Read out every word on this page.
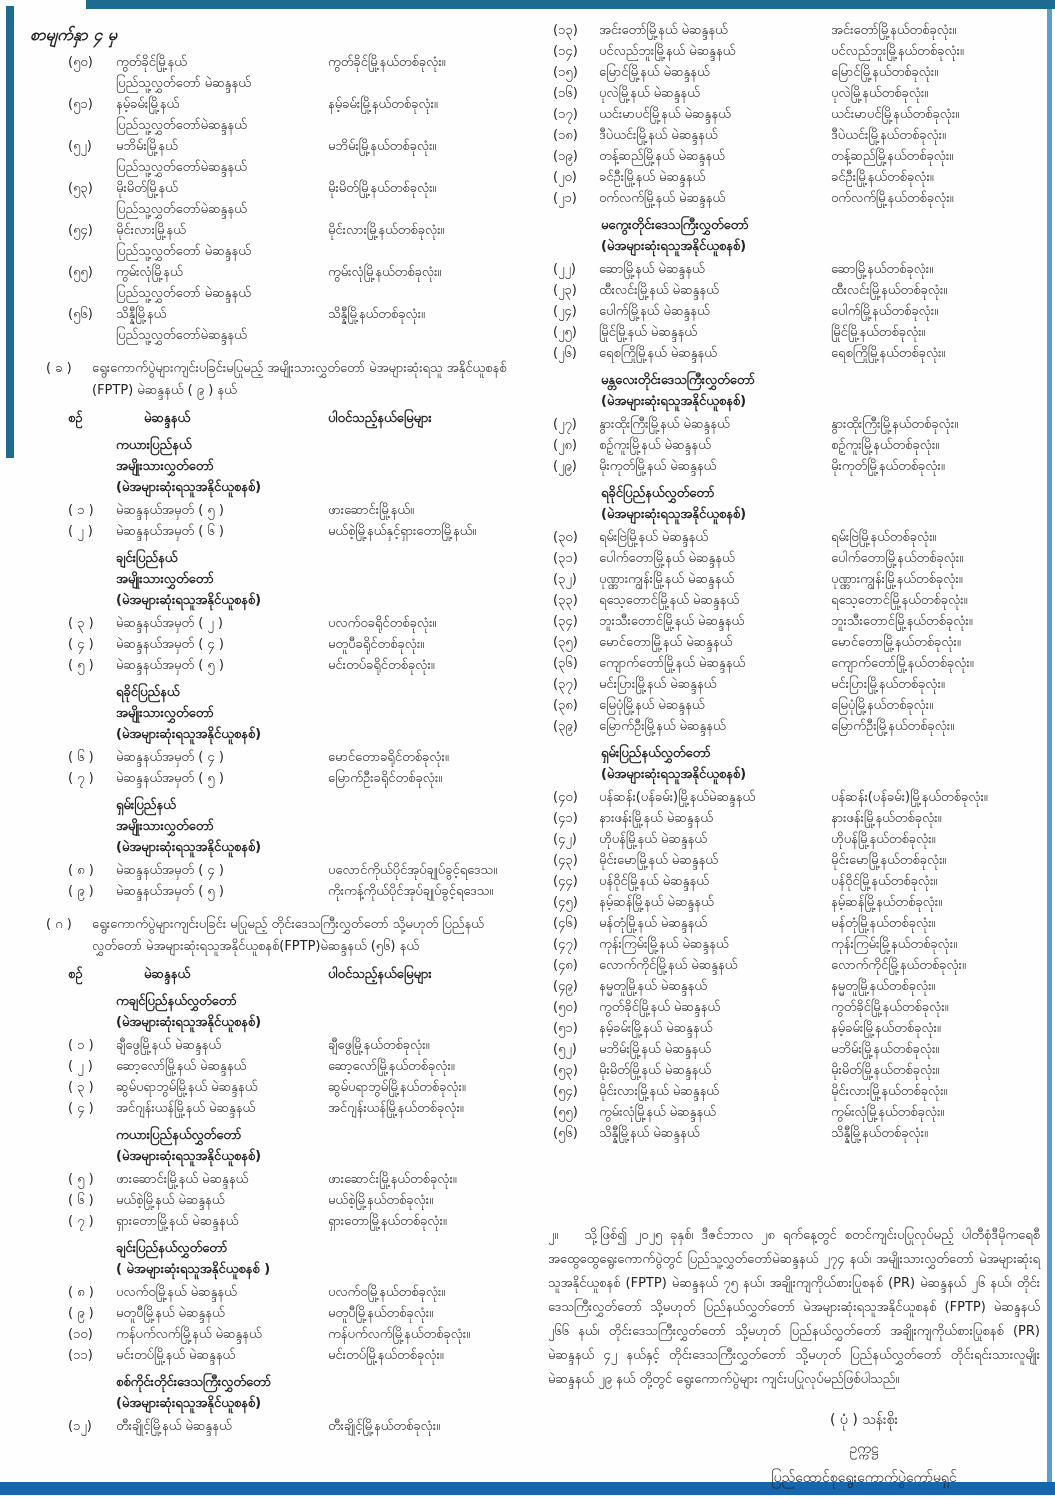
စာမျက်နှာ ၄ မှ
(၅၀)	ကွတ်ခိုင်မြို့နယ်	ကွတ်ခိုင်မြို့နယ်တစ်ခုလုံး။
ပြည်သူ့လွှတ်တော် မဲဆန္ဒနယ်
(၅၁)	နမ့်ခမ်းမြို့နယ်	နမ့်ခမ်းမြို့နယ်တစ်ခုလုံး။
ပြည်သူ့လွှတ်တော်မဲဆန္ဒနယ်
(၅၂)	မဘိမ်းမြို့နယ်	မဘိမ်းမြို့နယ်တစ်ခုလုံး။
ပြည်သူ့လွှတ်တော်မဲဆန္ဒနယ်
(၅၃)	မိုးမိတ်မြို့နယ်	မိုးမိတ်မြို့နယ်တစ်ခုလုံး။
ပြည်သူ့လွှတ်တော်မဲဆန္ဒနယ်
(၅၄)	မိုင်းလားမြို့နယ်	မိုင်းလားမြို့နယ်တစ်ခုလုံး။
ပြည်သူ့လွှတ်တော် မဲဆန္ဒနယ်
(၅၅)	ကွမ်းလုံမြို့နယ်	ကွမ်းလုံမြို့နယ်တစ်ခုလုံး။
ပြည်သူ့လွှတ်တော် မဲဆန္ဒနယ်
(၅၆)	သိန္နီမြို့နယ်	သိန္နီမြို့နယ်တစ်ခုလုံး။
ပြည်သူ့လွှတ်တော်မဲဆန္ဒနယ်
( ခ )	ရွေးကောက်ပွဲများကျင်းပခြင်းမပြုမည့် အမျိုးသားလွှတ်တော် မဲအများဆုံးရသူ အနိုင်ယူစနစ် (FPTP) မဲဆန္ဒနယ် ( ၉ ) နယ်
စဉ်	မဲဆန္ဒနယ်	ပါဝင်သည့်နယ်မြေများ
ကယားပြည်နယ်
အမျိုးသားလွှတ်တော်
(မဲအများဆုံးရသူအနိုင်ယူစနစ်)
( ၁ )	မဲဆန္ဒနယ်အမှတ် ( ၅ )	ဖားဆောင်းမြို့နယ်။
( ၂ )	မဲဆန္ဒနယ်အမှတ် ( ၆ )	မယ်စဲ့မြို့နယ်နှင့်ရှားတောမြို့နယ်။
ချင်းပြည်နယ်
အမျိုးသားလွှတ်တော်
(မဲအများဆုံးရသူအနိုင်ယူစနစ်)
( ၃ )	မဲဆန္ဒနယ်အမှတ် ( ၂ )	ပလက်ဝခရိုင်တစ်ခုလုံး။
( ၄ )	မဲဆန္ဒနယ်အမှတ် ( ၄ )	မတူပီခရိုင်တစ်ခုလုံး။
( ၅ )	မဲဆန္ဒနယ်အမှတ် ( ၅ )	မင်းတပ်ခရိုင်တစ်ခုလုံး။
ရခိုင်ပြည်နယ်
အမျိုးသားလွှတ်တော်
(မဲအများဆုံးရသူအနိုင်ယူစနစ်)
( ၆ )	မဲဆန္ဒနယ်အမှတ် ( ၄ )	မောင်တောခရိုင်တစ်ခုလုံး။
( ၇ )	မဲဆန္ဒနယ်အမှတ် ( ၅ )	မြောက်ဦးခရိုင်တစ်ခုလုံး။
ရှမ်းပြည်နယ်
အမျိုးသားလွှတ်တော်
(မဲအများဆုံးရသူအနိုင်ယူစနစ်)
( ၈ )	မဲဆန္ဒနယ်အမှတ် ( ၄ )	ပလောင်ကိုယ်ပိုင်အုပ်ချုပ်ခွင့်ရဒေသ။
( ၉ )	မဲဆန္ဒနယ်အမှတ် ( ၅ )	ကိုးကန့်ကိုယ်ပိုင်အုပ်ချုပ်ခွင့်ရဒေသ။
( ဂ )	ရွေးကောက်ပွဲများကျင်းပခြင်း မပြုမည့် တိုင်းဒေသကြီးလွှတ်တော် သို့မဟုတ် ပြည်နယ်လွှတ်တော် မဲအများဆုံးရသူအနိုင်ယူစနစ်(FPTP)မဲဆန္ဒနယ် (၅၆) နယ်
စဉ်	မဲဆန္ဒနယ်	ပါဝင်သည့်နယ်မြေများ
ကချင်ပြည်နယ်လွှတ်တော်
(မဲအများဆုံးရသူအနိုင်ယူစနစ်)
( ၁ )	ချီဖွေမြို့နယ် မဲဆန္ဒနယ်	ချီဖွေမြို့နယ်တစ်ခုလုံး။
( ၂ )	ဆော့လော်မြို့နယ် မဲဆန္ဒနယ်	ဆော့လော်မြို့နယ်တစ်ခုလုံး။
( ၃ )	ဆွမ်ပရာဘွမ်မြို့နယ် မဲဆန္ဒနယ်	ဆွမ်ပရာဘွမ်မြို့နယ်တစ်ခုလုံး။
( ၄ )	အင်ဂျန်းယန်မြို့နယ် မဲဆန္ဒနယ်	အင်ဂျန်းယန်မြို့နယ်တစ်ခုလုံး။
ကယားပြည်နယ်လွှတ်တော်
(မဲအများဆုံးရသူအနိုင်ယူစနစ်)
( ၅ )	ဖားဆောင်းမြို့နယ် မဲဆန္ဒနယ်	ဖားဆောင်းမြို့နယ်တစ်ခုလုံး။
( ၆ )	မယ်စဲ့မြို့နယ် မဲဆန္ဒနယ်	မယ်စဲ့မြို့နယ်တစ်ခုလုံး။
( ၇ )	ရှားတောမြို့နယ် မဲဆန္ဒနယ်	ရှားတောမြို့နယ်တစ်ခုလုံး။
ချင်းပြည်နယ်လွှတ်တော်
( မဲအများဆုံးရသူအနိုင်ယူစနစ် )
( ၈ )	ပလက်ဝမြို့နယ် မဲဆန္ဒနယ်	ပလက်ဝမြို့နယ်တစ်ခုလုံး။
( ၉ )	မတူပီမြို့နယ် မဲဆန္ဒနယ်	မတူပီမြို့နယ်တစ်ခုလုံး။
(၁၀)	ကန်ပက်လက်မြို့နယ် မဲဆန္ဒနယ်	ကန်ပက်လက်မြို့နယ်တစ်ခုလုံး။
(၁၁)	မင်းတပ်မြို့နယ် မဲဆန္ဒနယ်	မင်းတပ်မြို့နယ်တစ်ခုလုံး။
စစ်ကိုင်းတိုင်းဒေသကြီးလွှတ်တော်
(မဲအများဆုံးရသူအနိုင်ယူစနစ်)
(၁၂)	တီးချိုင့်မြို့နယ် မဲဆန္ဒနယ်	တီးချိုင့်မြို့နယ်တစ်ခုလုံး။
(၁၃)	အင်းတော်မြို့နယ် မဲဆန္ဒနယ်	အင်းတော်မြို့နယ်တစ်ခုလုံး။
(၁၄)	ပင်လည်ဘူးမြို့နယ် မဲဆန္ဒနယ်	ပင်လည်ဘူးမြို့နယ်တစ်ခုလုံး။
(၁၅)	မြောင်မြို့နယ် မဲဆန္ဒနယ်	မြောင်မြို့နယ်တစ်ခုလုံး။
(၁၆)	ပုလဲမြို့နယ် မဲဆန္ဒနယ်	ပုလဲမြို့နယ်တစ်ခုလုံး။
(၁၇)	ယင်းမာပင်မြို့နယ် မဲဆန္ဒနယ်	ယင်းမာပင်မြို့နယ်တစ်ခုလုံး။
(၁၈)	ဒီပဲယင်းမြို့နယ် မဲဆန္ဒနယ်	ဒီပဲယင်းမြို့နယ်တစ်ခုလုံး။
(၁၉)	တန့်ဆည်မြို့နယ် မဲဆန္ဒနယ်	တန့်ဆည်မြို့နယ်တစ်ခုလုံး။
(၂၀)	ခင်ဦးမြို့နယ် မဲဆန္ဒနယ်	ခင်ဦးမြို့နယ်တစ်ခုလုံး။
(၂၁)	ဝက်လက်မြို့နယ် မဲဆန္ဒနယ်	ဝက်လက်မြို့နယ်တစ်ခုလုံး။
မကွေးတိုင်းဒေသကြီးလွှတ်တော်
(မဲအများဆုံးရသူအနိုင်ယူစနစ်)
(၂၂)	ဆောမြို့နယ် မဲဆန္ဒနယ်	ဆောမြို့နယ်တစ်ခုလုံး။
(၂၃)	ထီးလင်းမြို့နယ် မဲဆန္ဒနယ်	ထီးလင်းမြို့နယ်တစ်ခုလုံး။
(၂၄)	ပေါက်မြို့နယ် မဲဆန္ဒနယ်	ပေါက်မြို့နယ်တစ်ခုလုံး။
(၂၅)	မြိုင်မြို့နယ် မဲဆန္ဒနယ်	မြိုင်မြို့နယ်တစ်ခုလုံး။
(၂၆)	ရေစကြိုမြို့နယ် မဲဆန္ဒနယ်	ရေစကြိုမြို့နယ်တစ်ခုလုံး။
မန္တလေးတိုင်းဒေသကြီးလွှတ်တော်
(မဲအများဆုံးရသူအနိုင်ယူစနစ်)
(၂၇)	နွားထိုးကြီးမြို့နယ် မဲဆန္ဒနယ်	နွားထိုးကြီးမြို့နယ်တစ်ခုလုံး။
(၂၈)	စဉ့်ကူးမြို့နယ် မဲဆန္ဒနယ်	စဉ့်ကူးမြို့နယ်တစ်ခုလုံး။
(၂၉)	မိုးကုတ်မြို့နယ် မဲဆန္ဒနယ်	မိုးကုတ်မြို့နယ်တစ်ခုလုံး။
ရခိုင်ပြည်နယ်လွှတ်တော်
(မဲအများဆုံးရသူအနိုင်ယူစနစ်)
(၃၀)	ရမ်းဗြဲမြို့နယ် မဲဆန္ဒနယ်	ရမ်းဗြဲမြို့နယ်တစ်ခုလုံး။
(၃၁)	ပေါက်တောမြို့နယ် မဲဆန္ဒနယ်	ပေါက်တောမြို့နယ်တစ်ခုလုံး။
(၃၂)	ပုဏ္ဏားကျွန်းမြို့နယ် မဲဆန္ဒနယ်	ပုဏ္ဏားကျွန်းမြို့နယ်တစ်ခုလုံး။
(၃၃)	ရသေ့တောင်မြို့နယ် မဲဆန္ဒနယ်	ရသေ့တောင်မြို့နယ်တစ်ခုလုံး။
(၃၄)	ဘူးသီးတောင်မြို့နယ် မဲဆန္ဒနယ်	ဘူးသီးတောင်မြို့နယ်တစ်ခုလုံး။
(၃၅)	မောင်တောမြို့နယ် မဲဆန္ဒနယ်	မောင်တောမြို့နယ်တစ်ခုလုံး။
(၃၆)	ကျောက်တော်မြို့နယ် မဲဆန္ဒနယ်	ကျောက်တော်မြို့နယ်တစ်ခုလုံး။
(၃၇)	မင်းပြားမြို့နယ် မဲဆန္ဒနယ်	မင်းပြားမြို့နယ်တစ်ခုလုံး။
(၃၈)	မြေပုံမြို့နယ် မဲဆန္ဒနယ်	မြေပုံမြို့နယ်တစ်ခုလုံး။
(၃၉)	မြောက်ဦးမြို့နယ် မဲဆန္ဒနယ်	မြောက်ဦးမြို့နယ်တစ်ခုလုံး။
ရှမ်းပြည်နယ်လွှတ်တော်
(မဲအများဆုံးရသူအနိုင်ယူစနစ်)
(၄၀)	ပန်ဆန်း(ပန်ခမ်း)မြို့နယ်မဲဆန္ဒနယ်	ပန်ဆန်း(ပန်ခမ်း)မြို့နယ်တစ်ခုလုံး။
(၄၁)	နားဖန်းမြို့နယ် မဲဆန္ဒနယ်	နားဖန်းမြို့နယ်တစ်ခုလုံး။
(၄၂)	ဟိုပန်မြို့နယ် မဲဆန္ဒနယ်	ဟိုပန်မြို့နယ်တစ်ခုလုံး။
(၄၃)	မိုင်းမောမြို့နယ် မဲဆန္ဒနယ်	မိုင်းမောမြို့နယ်တစ်ခုလုံး။
(၄၄)	ပန်ဝိုင်မြို့နယ် မဲဆန္ဒနယ်	ပန်ဝိုင်မြို့နယ်တစ်ခုလုံး။
(၄၅)	နမ့်ဆန်မြို့နယ် မဲဆန္ဒနယ်	နမ့်ဆန်မြို့နယ်တစ်ခုလုံး။
(၄၆)	မန်တုံမြို့နယ် မဲဆန္ဒနယ်	မန်တုံမြို့နယ်တစ်ခုလုံး။
(၄၇)	ကုန်းကြမ်းမြို့နယ် မဲဆန္ဒနယ်	ကုန်းကြမ်းမြို့နယ်တစ်ခုလုံး။
(၄၈)	လောက်ကိုင်မြို့နယ် မဲဆန္ဒနယ်	လောက်ကိုင်မြို့နယ်တစ်ခုလုံး။
(၄၉)	နမ္မတူမြို့နယ် မဲဆန္ဒနယ်	နမ္မတူမြို့နယ်တစ်ခုလုံး။
(၅၀)	ကွတ်ခိုင်မြို့နယ် မဲဆန္ဒနယ်	ကွတ်ခိုင်မြို့နယ်တစ်ခုလုံး။
(၅၁)	နမ့်ခမ်းမြို့နယ် မဲဆန္ဒနယ်	နမ့်ခမ်းမြို့နယ်တစ်ခုလုံး။
(၅၂)	မဘိမ်းမြို့နယ် မဲဆန္ဒနယ်	မဘိမ်းမြို့နယ်တစ်ခုလုံး။
(၅၃)	မိုးမိတ်မြို့နယ် မဲဆန္ဒနယ်	မိုးမိတ်မြို့နယ်တစ်ခုလုံး။
(၅၄)	မိုင်းလားမြို့နယ် မဲဆန္ဒနယ်	မိုင်းလားမြို့နယ်တစ်ခုလုံး။
(၅၅)	ကွမ်းလုံမြို့နယ် မဲဆန္ဒနယ်	ကွမ်းလုံမြို့နယ်တစ်ခုလုံး။
(၅၆)	သိန္နီမြို့နယ် မဲဆန္ဒနယ်	သိန္နီမြို့နယ်တစ်ခုလုံး။
၂။ သို့ဖြစ်၍ ၂၀၂၅ ခုနှစ်၊ ဒီဇင်ဘာလ ၂၈ ရက်နေ့တွင် စတင်ကျင်းပပြုလုပ်မည့် ပါတီစုံဒီမိုကရေစီ အထွေထွေရွေးကောက်ပွဲတွင် ပြည်သူ့လွှတ်တော်မဲဆန္ဒနယ် ၂၇၄ နယ်၊ အမျိုးသားလွှတ်တော် မဲအများဆုံးရသူအနိုင်ယူစနစ် (FPTP) မဲဆန္ဒနယ် ၇၅ နယ်၊ အချိုးကျကိုယ်စားပြုစနစ် (PR) မဲဆန္ဒနယ် ၂၆ နယ်၊ တိုင်းဒေသကြီးလွှတ်တော် သို့မဟုတ် ပြည်နယ်လွှတ်တော် မဲအများဆုံးရသူအနိုင်ယူစနစ် (FPTP) မဲဆန္ဒနယ် ၂၆၆ နယ်၊ တိုင်းဒေသကြီးလွှတ်တော် သို့မဟုတ် ပြည်နယ်လွှတ်တော် အချိုးကျကိုယ်စားပြုစနစ် (PR) မဲဆန္ဒနယ် ၄၂ နယ်နှင့် တိုင်းဒေသကြီးလွှတ်တော် သို့မဟုတ် ပြည်နယ်လွှတ်တော် တိုင်းရင်းသားလူမျိုး မဲဆန္ဒနယ် ၂၉ နယ် တို့တွင် ရွေးကောက်ပွဲများ ကျင်းပပြုလုပ်မည်ဖြစ်ပါသည်။
( ပုံ ) သန်းစိုး
ဥက္ကဋ္ဌ
ပြည်ထောင်စုရွေးကောက်ပွဲကော်မရှင်
